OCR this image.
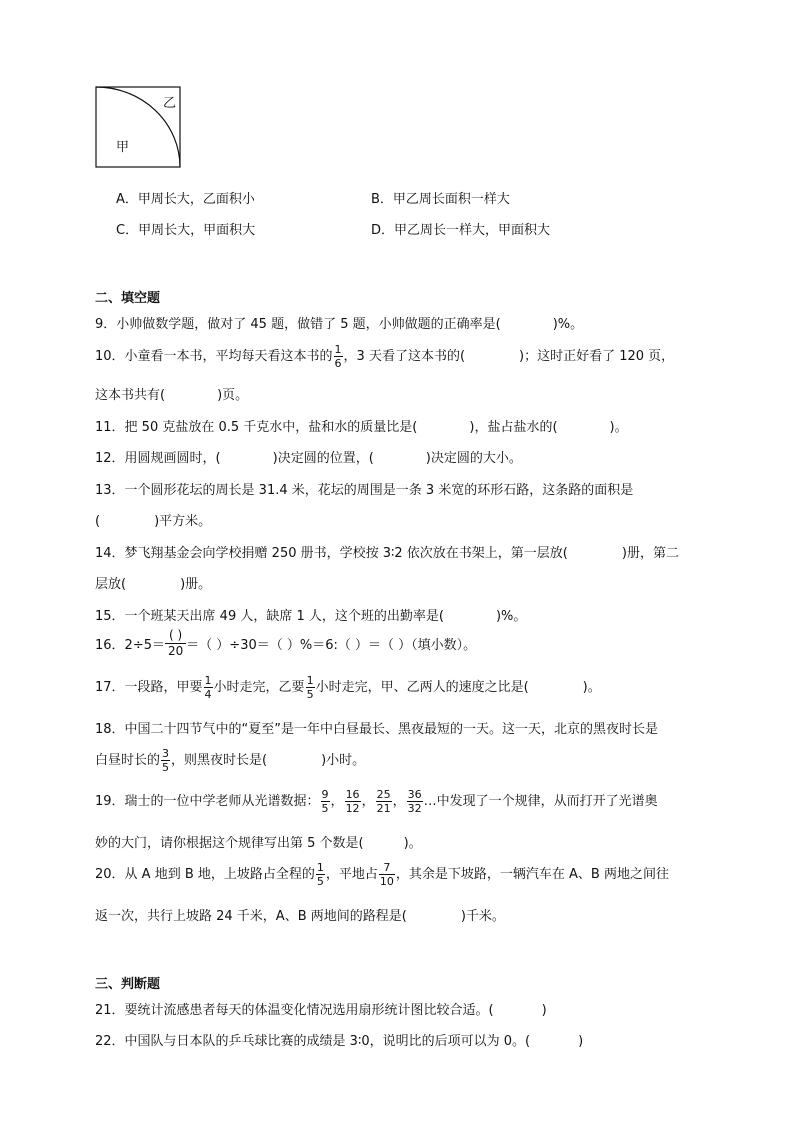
乙
甲
A．甲周长大，乙面积小	B．甲乙周长面积一样大
C．甲周长大，甲面积大	D．甲乙周长一样大，甲面积大
二、填空题
9．小帅做数学题，做对了 45 题，做错了 5 题，小帅做题的正确率是(	)%。
10．小童看一本书，平均每天看这本书的 $\frac{1}{6}$ ，3 天看了这本书的(	)；这时正好看了 120 页，
这本书共有(	)页。
11．把 50 克盐放在 0.5 千克水中，盐和水的质量比是(	)，盐占盐水的(	)。
12．用圆规画圆时，(	)决定圆的位置，(	)决定圆的大小。
13．一个圆形花坛的周长是 31.4 米，花坛的周围是一条 3 米宽的环形石路，这条路的面积是
(	)平方米。
14．梦飞翔基金会向学校捐赠 250 册书，学校按 3∶2 依次放在书架上，第一层放(	)册，第二
层放(	)册。
15．一个班某天出席 49 人，缺席 1 人，这个班的出勤率是(	)%。
16．$2\div 5= \frac{( )}{20}=$（ ）÷30＝（ ）%＝6:（ ）＝（ ）（填小数）。
17．一段路，甲要 $\frac{1}{4}$ 小时走完，乙要 $\frac{1}{5}$ 小时走完，甲、乙两人的速度之比是(	)。
18．中国二十四节气中的“夏至”是一年中白昼最长、黑夜最短的一天。这一天，北京的黑夜时长是
白昼时长的 $\frac{3}{5}$ ，则黑夜时长是(	)小时。
19．瑞士的一位中学老师从光谱数据： $\frac{9}{5}$ ， $\frac{16}{12}$ ， $\frac{25}{21}$ ， $\frac{36}{32}$ …中发现了一个规律，从而打开了光谱奥
妙的大门，请你根据这个规律写出第 5 个数是(	)。
20．从 A 地到 B 地，上坡路占全程的 $\frac{1}{5}$ ，平地占 $\frac{7}{10}$ ，其余是下坡路，一辆汽车在 A、B 两地之间往
返一次，共行上坡路 24 千米，A、B 两地间的路程是(	)千米。
三、判断题
21．要统计流感患者每天的体温变化情况选用扇形统计图比较合适。(	)
22．中国队与日本队的乒乓球比赛的成绩是 3∶0，说明比的后项可以为 0。(	)
